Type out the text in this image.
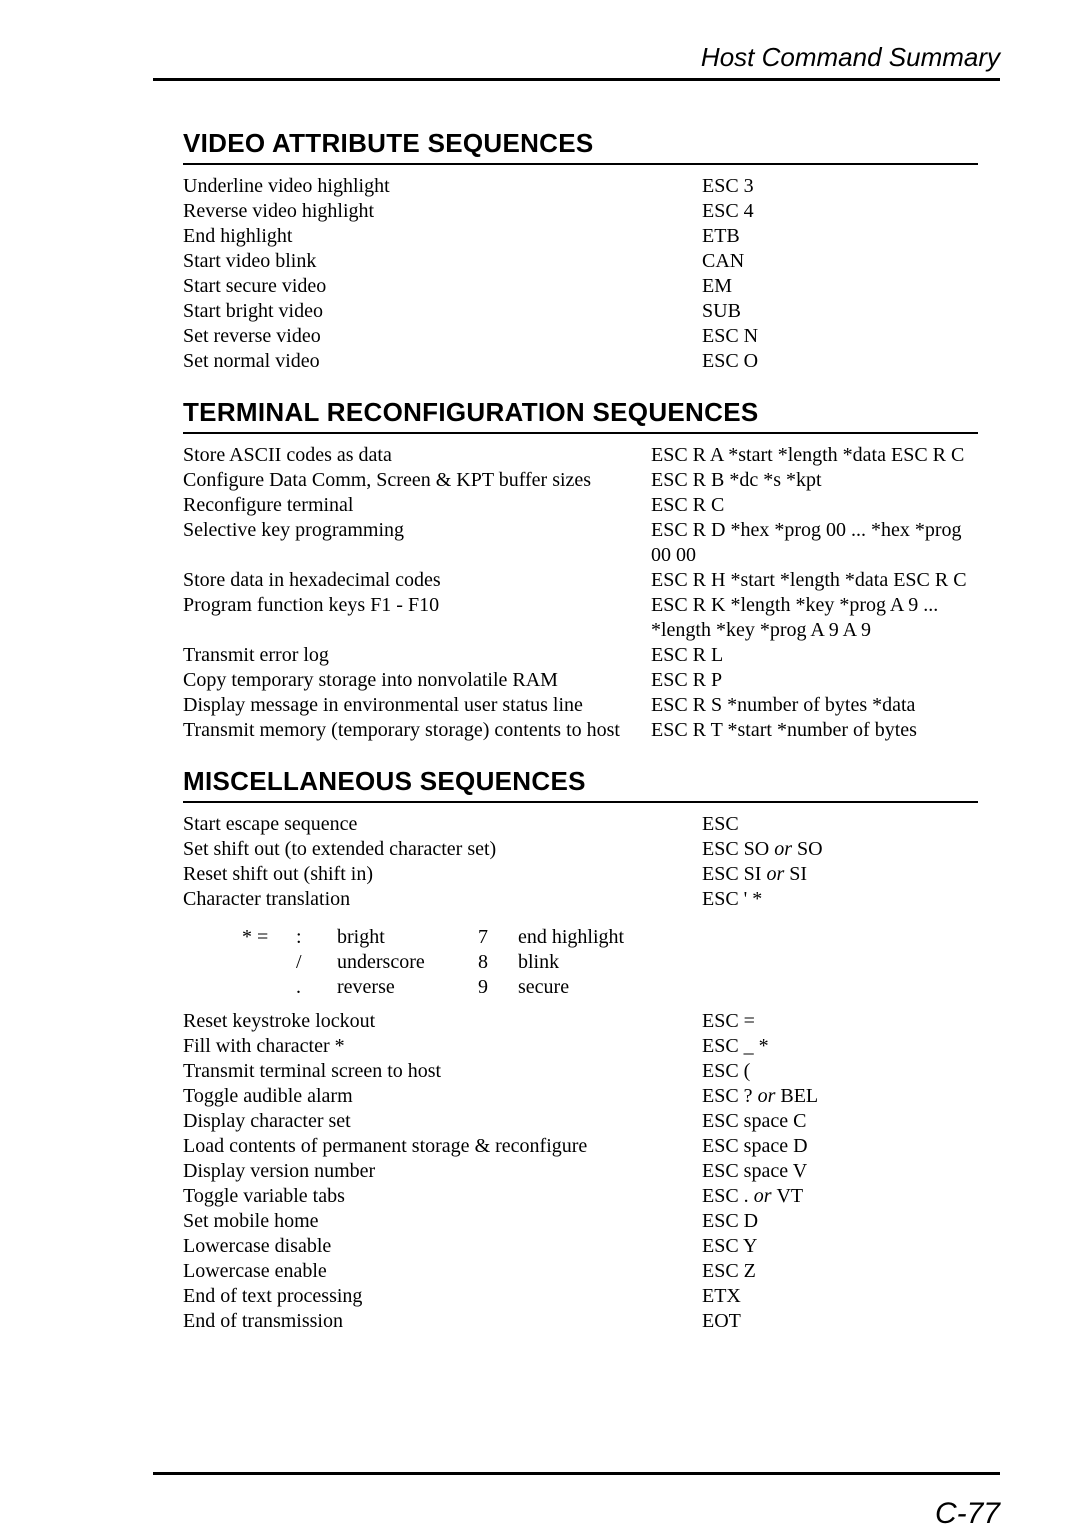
Host Command Summary
VIDEO ATTRIBUTE SEQUENCES
Underline video highlight	ESC 3
Reverse video highlight	ESC 4
End highlight	ETB
Start video blink	CAN
Start secure video	EM
Start bright video	SUB
Set reverse video	ESC N
Set normal video	ESC O
TERMINAL RECONFIGURATION SEQUENCES
Store ASCII codes as data	ESC R A *start *length *data ESC R C
Configure Data Comm, Screen & KPT buffer sizes	ESC R B *dc *s *kpt
Reconfigure terminal	ESC R C
Selective key programming	ESC R D *hex *prog 00 ... *hex *prog
00 00
Store data in hexadecimal codes	ESC R H *start *length *data ESC R C
Program function keys F1 - F10	ESC R K *length *key *prog A 9 ...
*length *key *prog A 9 A 9
Transmit error log	ESC R L
Copy temporary storage into nonvolatile RAM	ESC R P
Display message in environmental user status line	ESC R S *number of bytes *data
Transmit memory (temporary storage) contents to host	ESC R T *start *number of bytes
MISCELLANEOUS SEQUENCES
Start escape sequence	ESC
Set shift out (to extended character set)	ESC SO or SO
Reset shift out (shift in)	ESC SI or SI
Character translation	ESC ' *
* =	:	bright	7	end highlight
/	underscore	8	blink
.	reverse	9	secure
Reset keystroke lockout	ESC =
Fill with character *	ESC _ *
Transmit terminal screen to host	ESC (
Toggle audible alarm	ESC ? or BEL
Display character set	ESC space C
Load contents of permanent storage & reconfigure	ESC space D
Display version number	ESC space V
Toggle variable tabs	ESC . or VT
Set mobile home	ESC D
Lowercase disable	ESC Y
Lowercase enable	ESC Z
End of text processing	ETX
End of transmission	EOT
C-77
